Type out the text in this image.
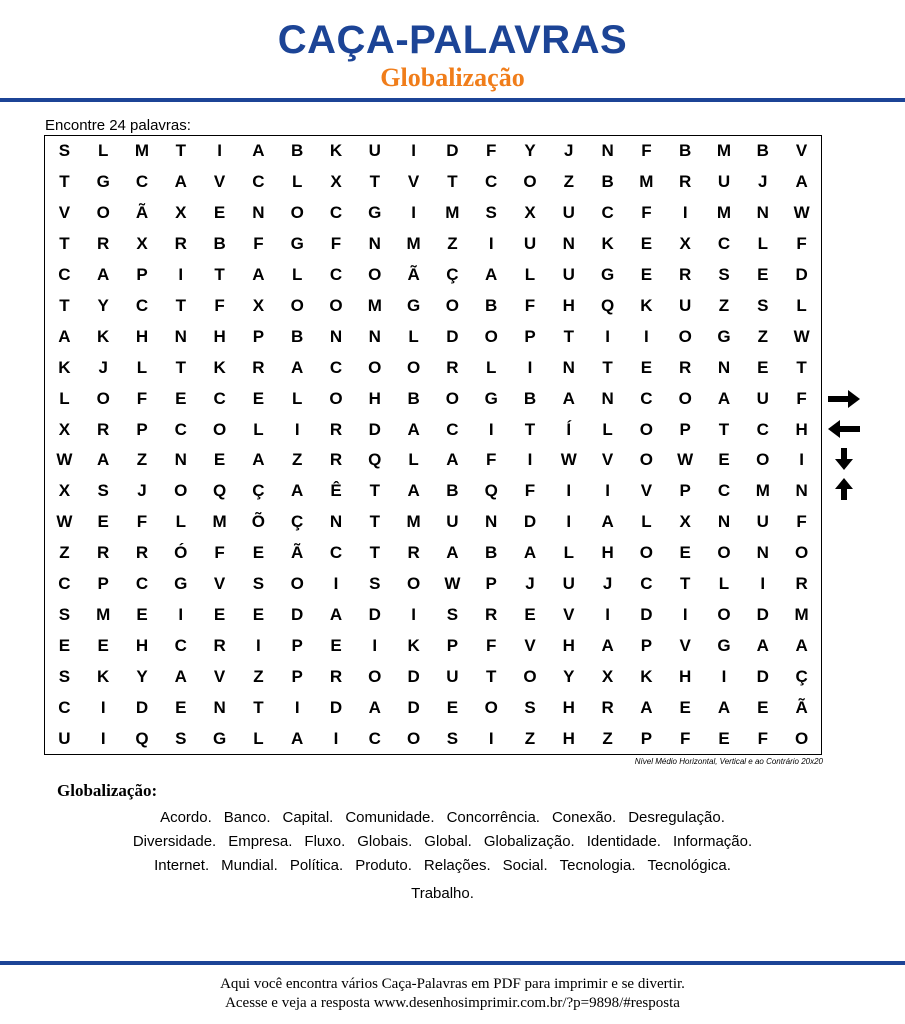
CAÇA-PALAVRAS
Globalização
Encontre 24 palavras:
S	L	M	T	I	A	B	K	U	I	D	F	Y	J	N	F	B	M	B	V
T	G	C	A	V	C	L	X	T	V	T	C	O	Z	B	M	R	U	J	A
V	O	Ã	X	E	N	O	C	G	I	M	S	X	U	C	F	I	M	N	W
T	R	X	R	B	F	G	F	N	M	Z	I	U	N	K	E	X	C	L	F
C	A	P	I	T	A	L	C	O	Ã	Ç	A	L	U	G	E	R	S	E	D
T	Y	C	T	F	X	O	O	M	G	O	B	F	H	Q	K	U	Z	S	L
A	K	H	N	H	P	B	N	N	L	D	O	P	T	I	I	O	G	Z	W
K	J	L	T	K	R	A	C	O	O	R	L	I	N	T	E	R	N	E	T
L	O	F	E	C	E	L	O	H	B	O	G	B	A	N	C	O	A	U	F
X	R	P	C	O	L	I	R	D	A	C	I	T	Í	L	O	P	T	C	H
W	A	Z	N	E	A	Z	R	Q	L	A	F	I	W	V	O	W	E	O	I
X	S	J	O	Q	Ç	A	Ê	T	A	B	Q	F	I	I	V	P	C	M	N
W	E	F	L	M	Õ	Ç	N	T	M	U	N	D	I	A	L	X	N	U	F
Z	R	R	Ó	F	E	Ã	C	T	R	A	B	A	L	H	O	E	O	N	O
C	P	C	G	V	S	O	I	S	O	W	P	J	U	J	C	T	L	I	R
S	M	E	I	E	E	D	A	D	I	S	R	E	V	I	D	I	O	D	M
E	E	H	C	R	I	P	E	I	K	P	F	V	H	A	P	V	G	A	A
S	K	Y	A	V	Z	P	R	O	D	U	T	O	Y	X	K	H	I	D	Ç
C	I	D	E	N	T	I	D	A	D	E	O	S	H	R	A	E	A	E	Ã
U	I	Q	S	G	L	A	I	C	O	S	I	Z	H	Z	P	F	E	F	O
Nível Médio Horizontal, Vertical e ao Contrário 20x20
Globalização:
Acordo. Banco. Capital. Comunidade. Concorrência. Conexão. Desregulação.
Diversidade. Empresa. Fluxo. Globais. Global. Globalização. Identidade. Informação.
Internet. Mundial. Política. Produto. Relações. Social. Tecnologia. Tecnológica.
Trabalho.
Aqui você encontra vários Caça-Palavras em PDF para imprimir e se divertir.
Acesse e veja a resposta www.desenhosimprimir.com.br/?p=9898/#resposta
